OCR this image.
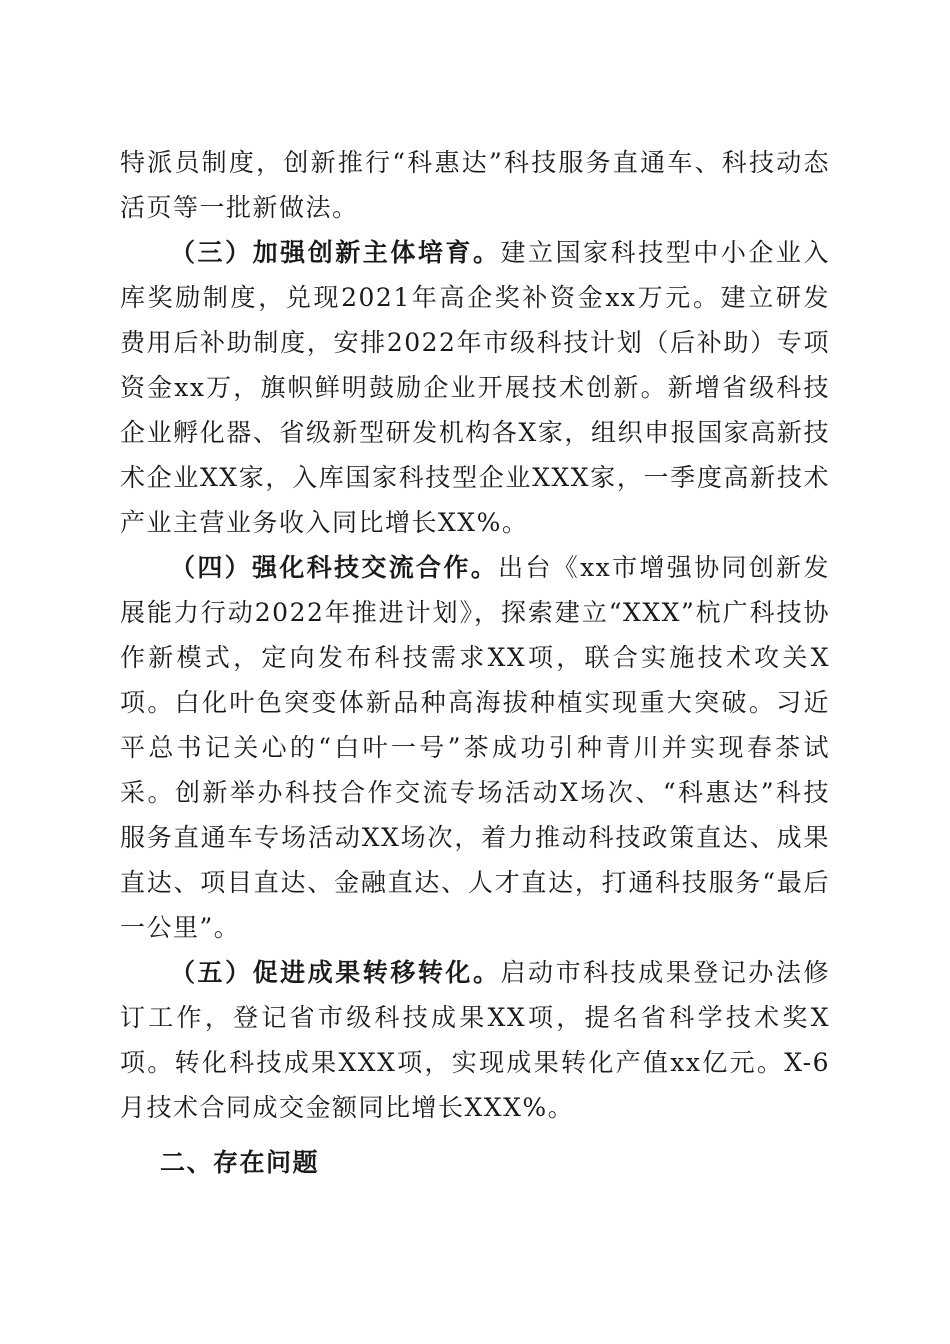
特派员制度，创新推行“科惠达”科技服务直通车、科技动态活页等一批新做法。

（三）加强创新主体培育。建立国家科技型中小企业入库奖励制度，兑现2021年高企奖补资金xx万元。建立研发费用后补助制度，安排2022年市级科技计划（后补助）专项资金xx万，旗帜鲜明鼓励企业开展技术创新。新增省级科技企业孵化器、省级新型研发机构各X家，组织申报国家高新技术企业XX家，入库国家科技型企业XXX家，一季度高新技术产业主营业务收入同比增长XX%。

（四）强化科技交流合作。出台《xx市增强协同创新发展能力行动2022年推进计划》，探索建立“XXX”杭广科技协作新模式，定向发布科技需求XX项，联合实施技术攻关X项。白化叶色突变体新品种高海拔种植实现重大突破。习近平总书记关心的“白叶一号”茶成功引种青川并实现春茶试采。创新举办科技合作交流专场活动X场次、“科惠达”科技服务直通车专场活动XX场次，着力推动科技政策直达、成果直达、项目直达、金融直达、人才直达，打通科技服务“最后一公里”。

（五）促进成果转移转化。启动市科技成果登记办法修订工作，登记省市级科技成果XX项，提名省科学技术奖X项。转化科技成果XXX项，实现成果转化产值xx亿元。X-6月技术合同成交金额同比增长XXX%。

二、存在问题
